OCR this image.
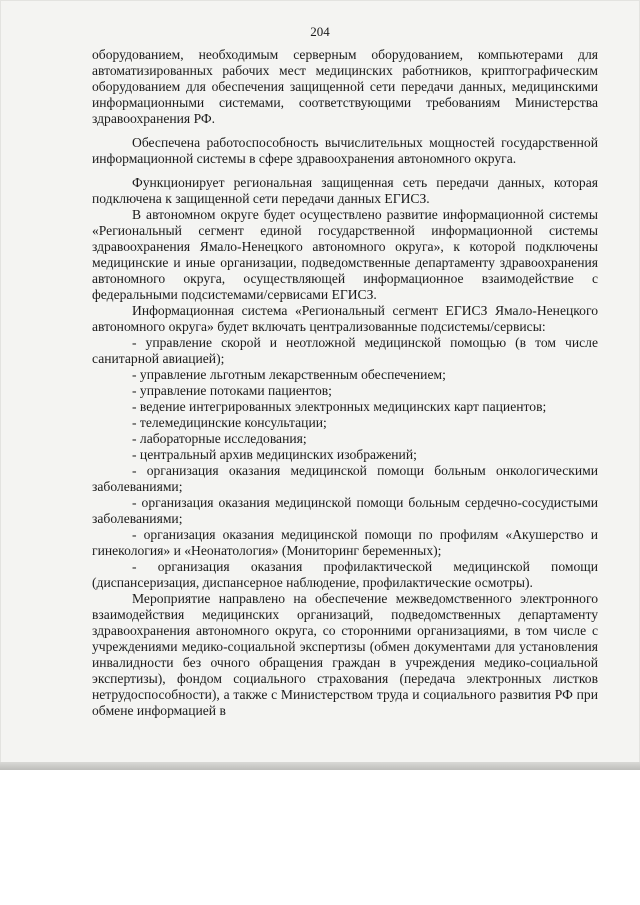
204

оборудованием, необходимым серверным оборудованием, компьютерами для автоматизированных рабочих мест медицинских работников, криптографическим оборудованием для обеспечения защищенной сети передачи данных, медицинскими информационными системами, соответствующими требованиям Министерства здравоохранения РФ.

Обеспечена работоспособность вычислительных мощностей государственной информационной системы в сфере здравоохранения автономного округа.

Функционирует региональная защищенная сеть передачи данных, которая подключена к защищенной сети передачи данных ЕГИСЗ.

В автономном округе будет осуществлено развитие информационной системы «Региональный сегмент единой государственной информационной системы здравоохранения Ямало-Ненецкого автономного округа», к которой подключены медицинские и иные организации, подведомственные департаменту здравоохранения автономного округа, осуществляющей информационное взаимодействие с федеральными подсистемами/сервисами ЕГИСЗ.

Информационная система «Региональный сегмент ЕГИСЗ Ямало-Ненецкого автономного округа» будет включать централизованные подсистемы/сервисы:

- управление скорой и неотложной медицинской помощью (в том числе санитарной авиацией);

- управление льготным лекарственным обеспечением;

- управление потоками пациентов;

- ведение интегрированных электронных медицинских карт пациентов;

- телемедицинские консультации;

- лабораторные исследования;

- центральный архив медицинских изображений;

- организация оказания медицинской помощи больным онкологическими заболеваниями;

- организация оказания медицинской помощи больным сердечно-сосудистыми заболеваниями;

- организация оказания медицинской помощи по профилям «Акушерство и гинекология» и «Неонатология» (Мониторинг беременных);

- организация оказания профилактической медицинской помощи (диспансеризация, диспансерное наблюдение, профилактические осмотры).

Мероприятие направлено на обеспечение межведомственного электронного взаимодействия медицинских организаций, подведомственных департаменту здравоохранения автономного округа, со сторонними организациями, в том числе с учреждениями медико-социальной экспертизы (обмен документами для установления инвалидности без очного обращения граждан в учреждения медико-социальной экспертизы), фондом социального страхования (передача электронных листков нетрудоспособности), а также с Министерством труда и социального развития РФ при обмене информацией в
